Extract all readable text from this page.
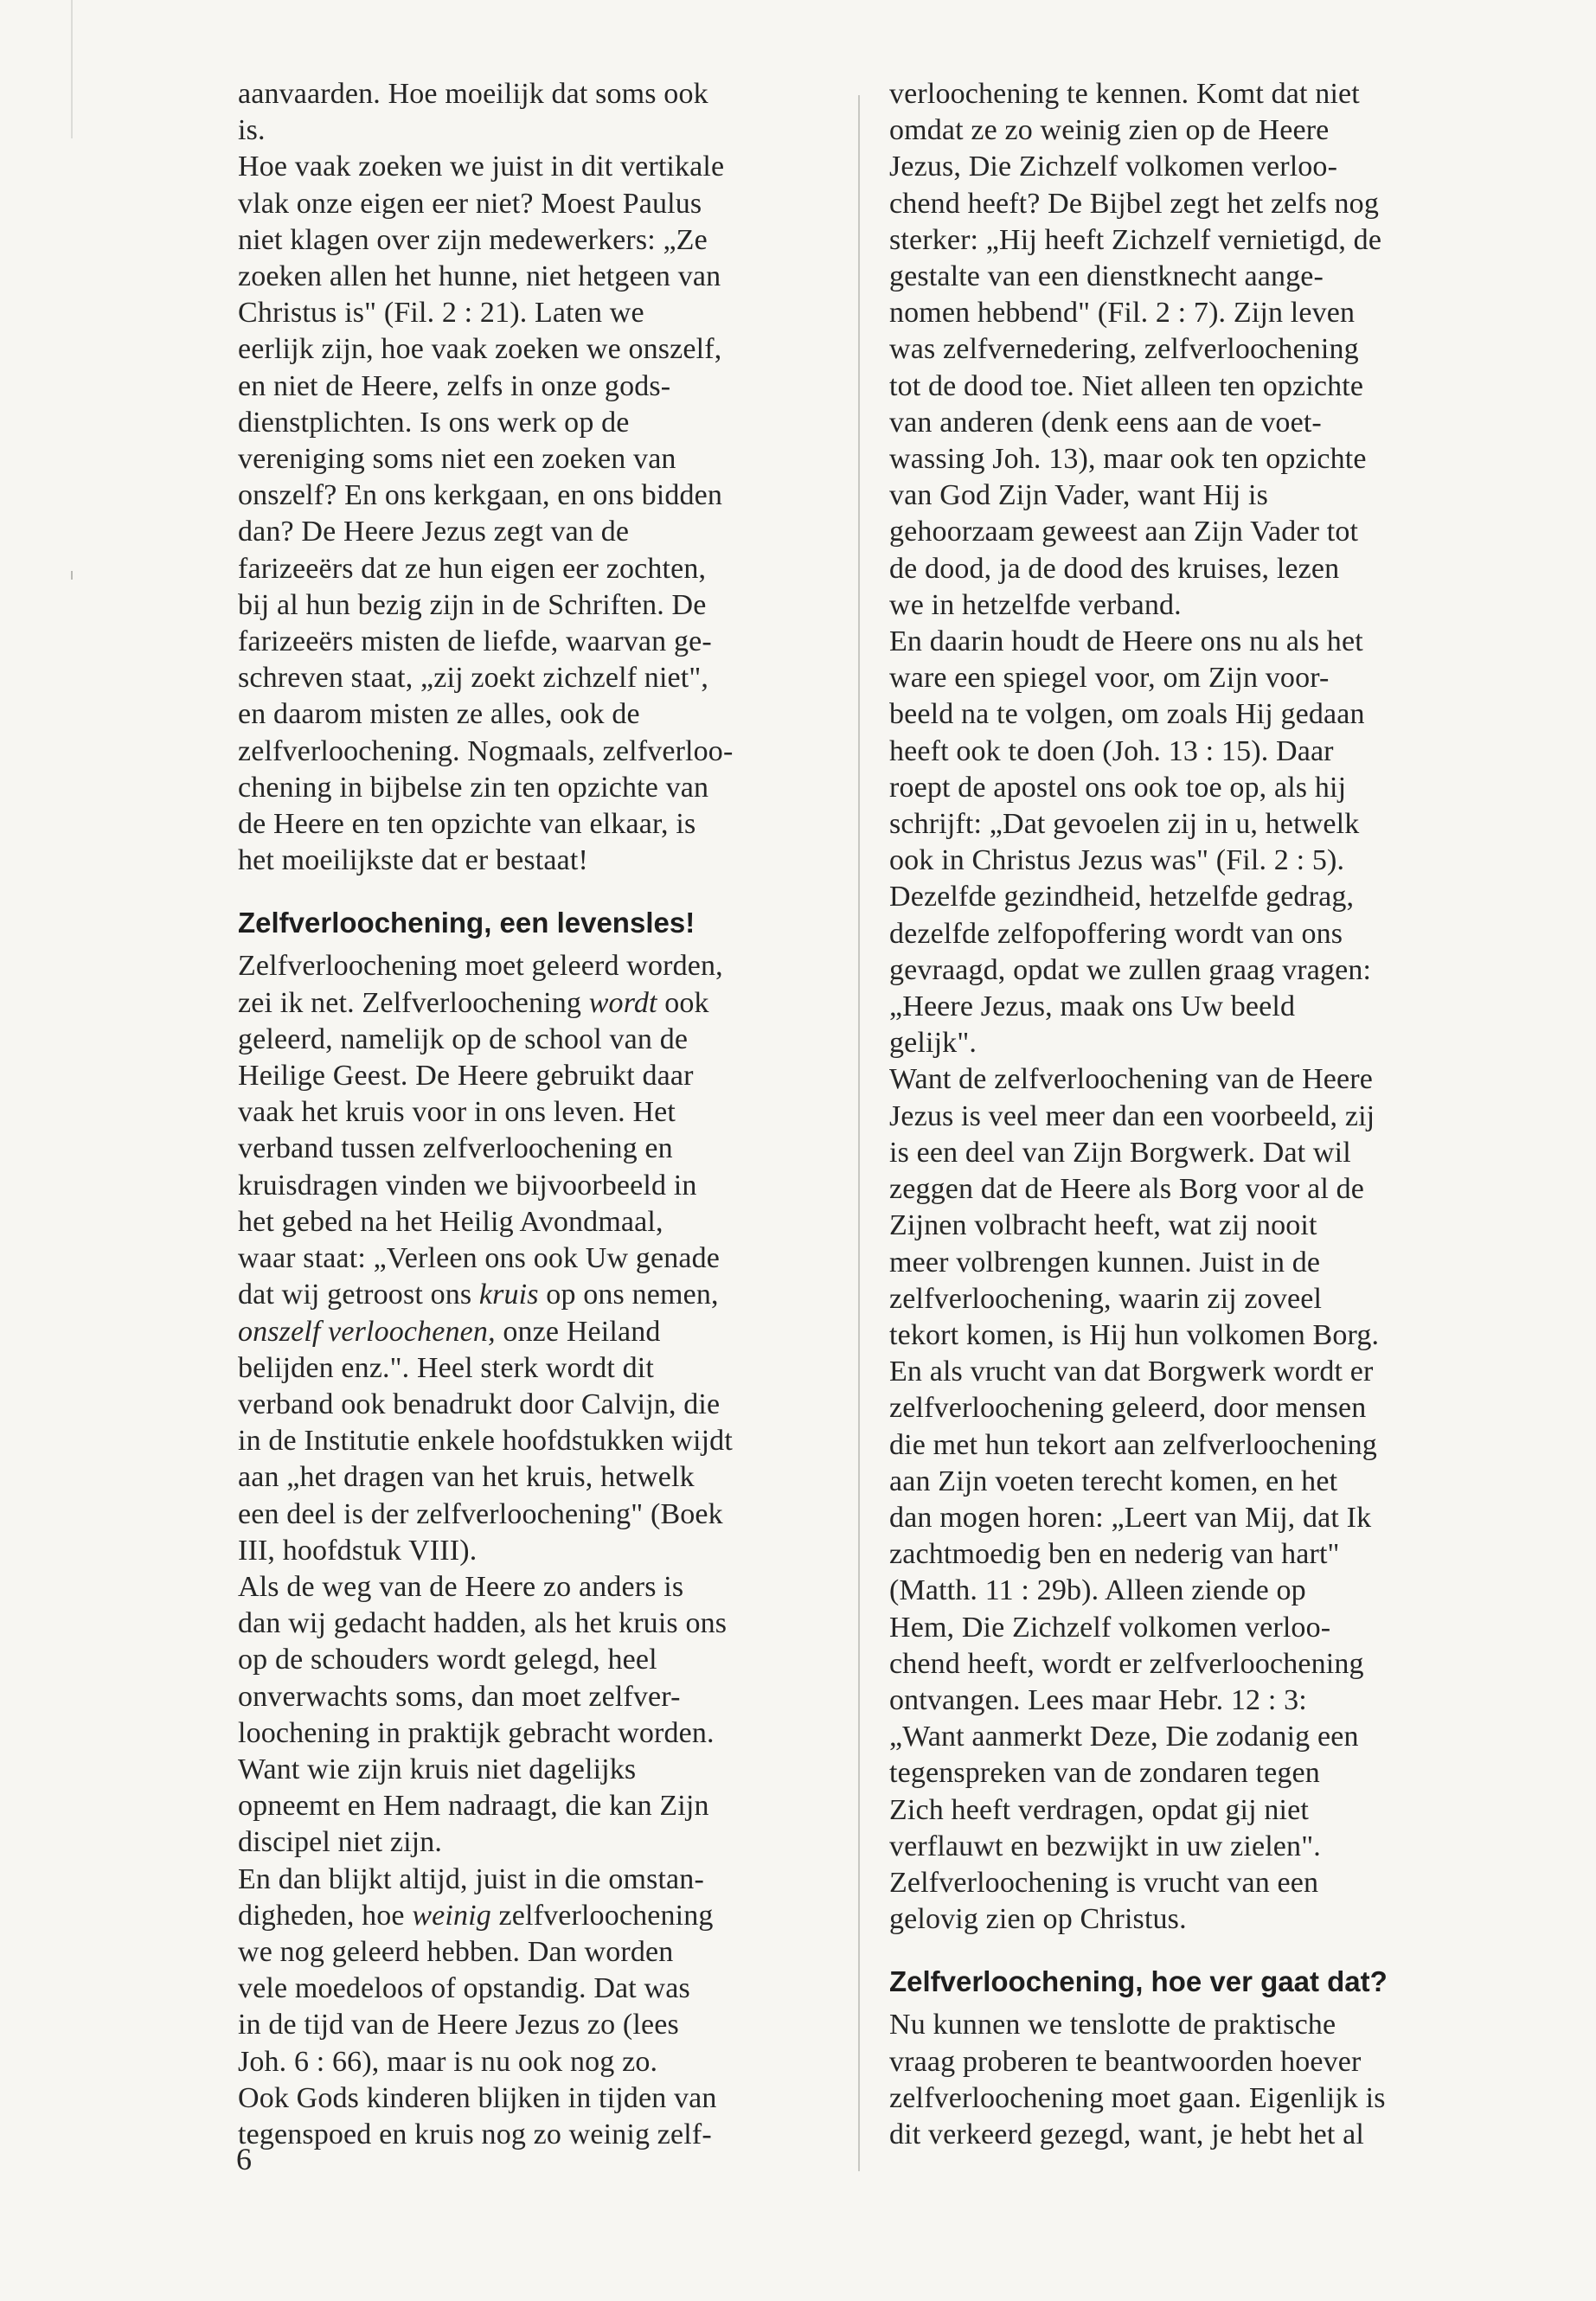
aanvaarden. Hoe moeilijk dat soms ook
is.
Hoe vaak zoeken we juist in dit vertikale
vlak onze eigen eer niet? Moest Paulus
niet klagen over zijn medewerkers: „Ze
zoeken allen het hunne, niet hetgeen van
Christus is" (Fil. 2 : 21). Laten we
eerlijk zijn, hoe vaak zoeken we onszelf,
en niet de Heere, zelfs in onze gods-
dienstplichten. Is ons werk op de
vereniging soms niet een zoeken van
onszelf? En ons kerkgaan, en ons bidden
dan? De Heere Jezus zegt van de
farizeeërs dat ze hun eigen eer zochten,
bij al hun bezig zijn in de Schriften. De
farizeeërs misten de liefde, waarvan ge-
schreven staat, „zij zoekt zichzelf niet",
en daarom misten ze alles, ook de
zelfverloochening. Nogmaals, zelfverloo-
chening in bijbelse zin ten opzichte van
de Heere en ten opzichte van elkaar, is
het moeilijkste dat er bestaat!
Zelfverloochening, een levensles!
Zelfverloochening moet geleerd worden,
zei ik net. Zelfverloochening wordt ook
geleerd, namelijk op de school van de
Heilige Geest. De Heere gebruikt daar
vaak het kruis voor in ons leven. Het
verband tussen zelfverloochening en
kruisdragen vinden we bijvoorbeeld in
het gebed na het Heilig Avondmaal,
waar staat: „Verleen ons ook Uw genade
dat wij getroost ons kruis op ons nemen,
onszelf verloochenen, onze Heiland
belijden enz.". Heel sterk wordt dit
verband ook benadrukt door Calvijn, die
in de Institutie enkele hoofdstukken wijdt
aan „het dragen van het kruis, hetwelk
een deel is der zelfverloochening" (Boek
III, hoofdstuk VIII).
Als de weg van de Heere zo anders is
dan wij gedacht hadden, als het kruis ons
op de schouders wordt gelegd, heel
onverwachts soms, dan moet zelfver-
loochening in praktijk gebracht worden.
Want wie zijn kruis niet dagelijks
opneemt en Hem nadraagt, die kan Zijn
discipel niet zijn.
En dan blijkt altijd, juist in die omstan-
digheden, hoe weinig zelfverloochening
we nog geleerd hebben. Dan worden
vele moedeloos of opstandig. Dat was
in de tijd van de Heere Jezus zo (lees
Joh. 6 : 66), maar is nu ook nog zo.
Ook Gods kinderen blijken in tijden van
tegenspoed en kruis nog zo weinig zelf-
verloochening te kennen. Komt dat niet
omdat ze zo weinig zien op de Heere
Jezus, Die Zichzelf volkomen verloo-
chend heeft? De Bijbel zegt het zelfs nog
sterker: „Hij heeft Zichzelf vernietigd, de
gestalte van een dienstknecht aange-
nomen hebbend" (Fil. 2 : 7). Zijn leven
was zelfvernedering, zelfverloochening
tot de dood toe. Niet alleen ten opzichte
van anderen (denk eens aan de voet-
wassing Joh. 13), maar ook ten opzichte
van God Zijn Vader, want Hij is
gehoorzaam geweest aan Zijn Vader tot
de dood, ja de dood des kruises, lezen
we in hetzelfde verband.
En daarin houdt de Heere ons nu als het
ware een spiegel voor, om Zijn voor-
beeld na te volgen, om zoals Hij gedaan
heeft ook te doen (Joh. 13 : 15). Daar
roept de apostel ons ook toe op, als hij
schrijft: „Dat gevoelen zij in u, hetwelk
ook in Christus Jezus was" (Fil. 2 : 5).
Dezelfde gezindheid, hetzelfde gedrag,
dezelfde zelfopoffering wordt van ons
gevraagd, opdat we zullen graag vragen:
„Heere Jezus, maak ons Uw beeld
gelijk".
Want de zelfverloochening van de Heere
Jezus is veel meer dan een voorbeeld, zij
is een deel van Zijn Borgwerk. Dat wil
zeggen dat de Heere als Borg voor al de
Zijnen volbracht heeft, wat zij nooit
meer volbrengen kunnen. Juist in de
zelfverloochening, waarin zij zoveel
tekort komen, is Hij hun volkomen Borg.
En als vrucht van dat Borgwerk wordt er
zelfverloochening geleerd, door mensen
die met hun tekort aan zelfverloochening
aan Zijn voeten terecht komen, en het
dan mogen horen: „Leert van Mij, dat Ik
zachtmoedig ben en nederig van hart"
(Matth. 11 : 29b). Alleen ziende op
Hem, Die Zichzelf volkomen verloo-
chend heeft, wordt er zelfverloochening
ontvangen. Lees maar Hebr. 12 : 3:
„Want aanmerkt Deze, Die zodanig een
tegenspreken van de zondaren tegen
Zich heeft verdragen, opdat gij niet
verflauwt en bezwijkt in uw zielen".
Zelfverloochening is vrucht van een
gelovig zien op Christus.
Zelfverloochening, hoe ver gaat dat?
Nu kunnen we tenslotte de praktische
vraag proberen te beantwoorden hoever
zelfverloochening moet gaan. Eigenlijk is
dit verkeerd gezegd, want, je hebt het al
6
